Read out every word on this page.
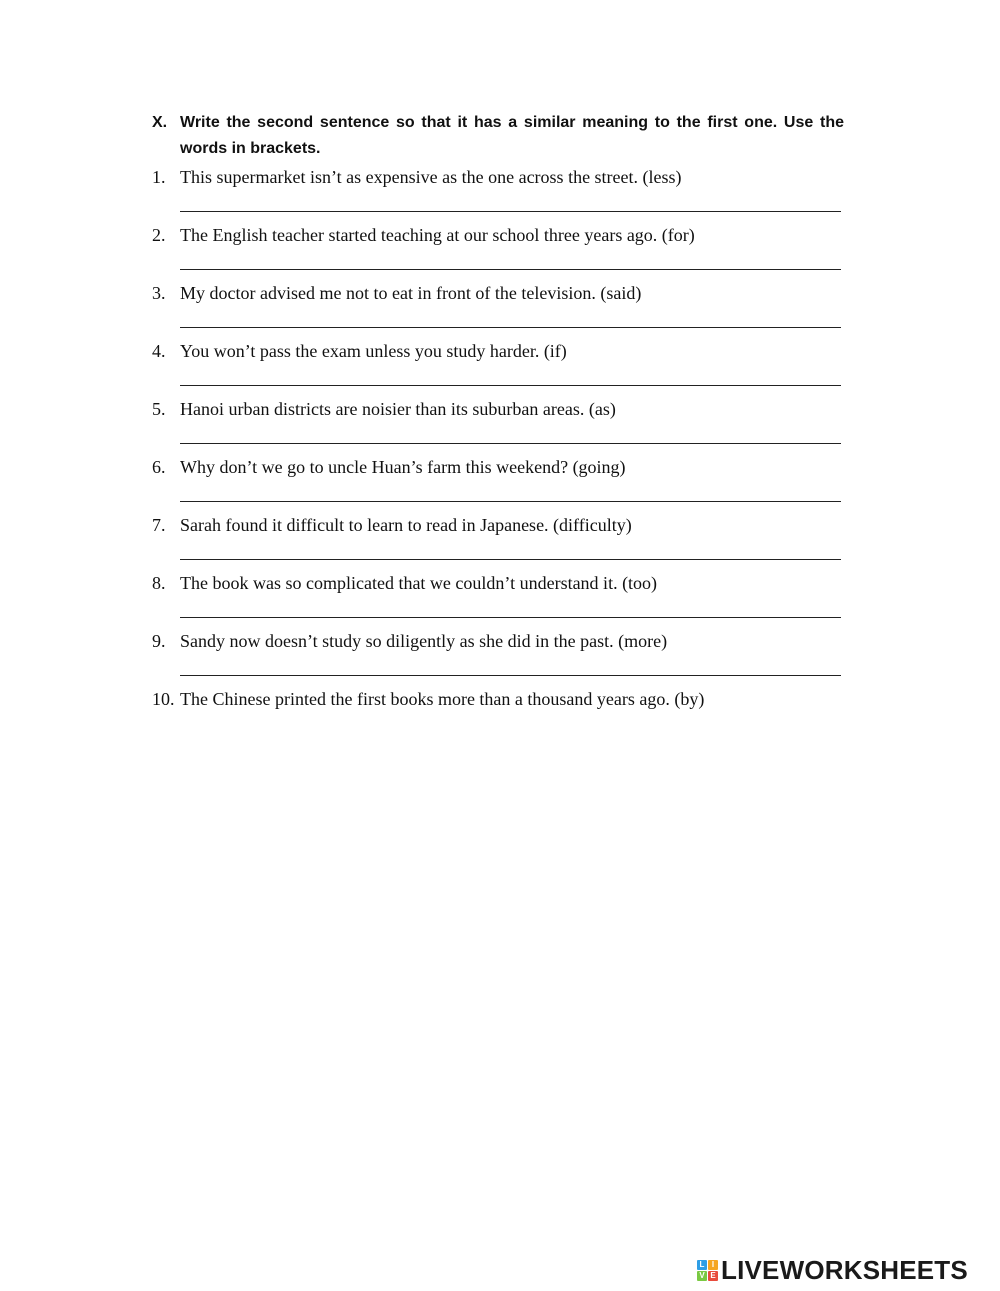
X. Write the second sentence so that it has a similar meaning to the first one. Use the words in brackets.
1. This supermarket isn’t as expensive as the one across the street. (less)
2. The English teacher started teaching at our school three years ago. (for)
3. My doctor advised me not to eat in front of the television. (said)
4. You won’t pass the exam unless you study harder. (if)
5. Hanoi urban districts are noisier than its suburban areas. (as)
6. Why don’t we go to uncle Huan’s farm this weekend? (going)
7. Sarah found it difficult to learn to read in Japanese. (difficulty)
8. The book was so complicated that we couldn’t understand it. (too)
9. Sandy now doesn’t study so diligently as she did in the past. (more)
10. The Chinese printed the first books more than a thousand years ago. (by)
L I
V E LIVEWORKSHEETS
